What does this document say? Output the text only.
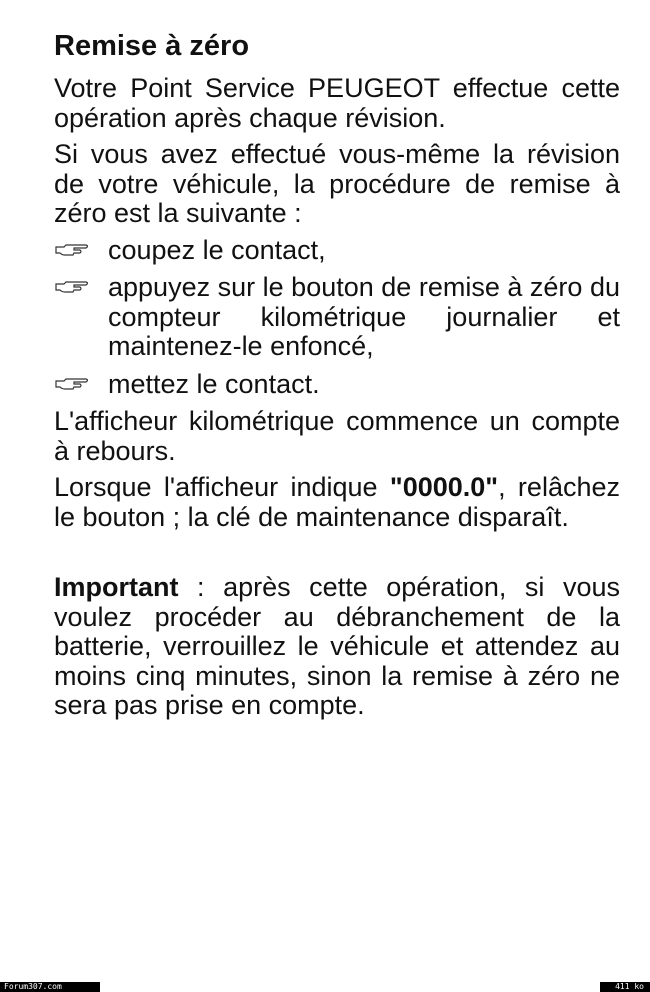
Remise à zéro

Votre Point Service PEUGEOT effectue cette opération après chaque révision.

Si vous avez effectué vous-même la révision de votre véhicule, la procédure de remise à zéro est la suivante :

coupez le contact,
appuyez sur le bouton de remise à zéro du compteur kilométrique journalier et maintenez-le enfoncé,
mettez le contact.

L'afficheur kilométrique commence un compte à rebours.

Lorsque l'afficheur indique "0000.0", relâchez le bouton ; la clé de maintenance disparaît.

Important : après cette opération, si vous voulez procéder au débranchement de la batterie, verrouillez le véhicule et attendez au moins cinq minutes, sinon la remise à zéro ne sera pas prise en compte.

Forum307.com	411 ko
